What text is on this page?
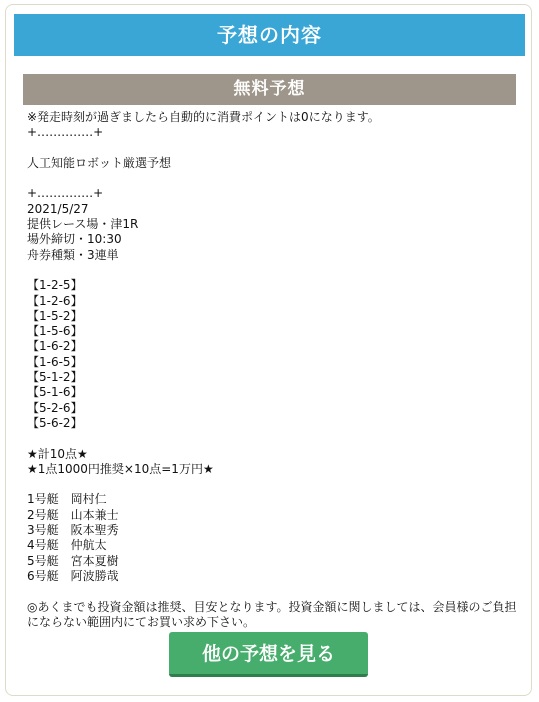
予想の内容
無料予想
※発走時刻が過ぎましたら自動的に消費ポイントは0になります。
+‥‥‥‥‥‥‥+
人工知能ロボット厳選予想
+‥‥‥‥‥‥‥+
2021/5/27
提供レース場・津1R
場外締切・10:30
舟券種類・3連単
【1-2-5】
【1-2-6】
【1-5-2】
【1-5-6】
【1-6-2】
【1-6-5】
【5-1-2】
【5-1-6】
【5-2-6】
【5-6-2】
★計10点★
★1点1000円推奨×10点=1万円★
1号艇　岡村仁
2号艇　山本兼士
3号艇　阪本聖秀
4号艇　仲航太
5号艇　宮本夏樹
6号艇　阿波勝哉
◎あくまでも投資金額は推奨、目安となります。投資金額に関しましては、会員様のご負担にならない範囲内にてお買い求め下さい。
他の予想を見る
